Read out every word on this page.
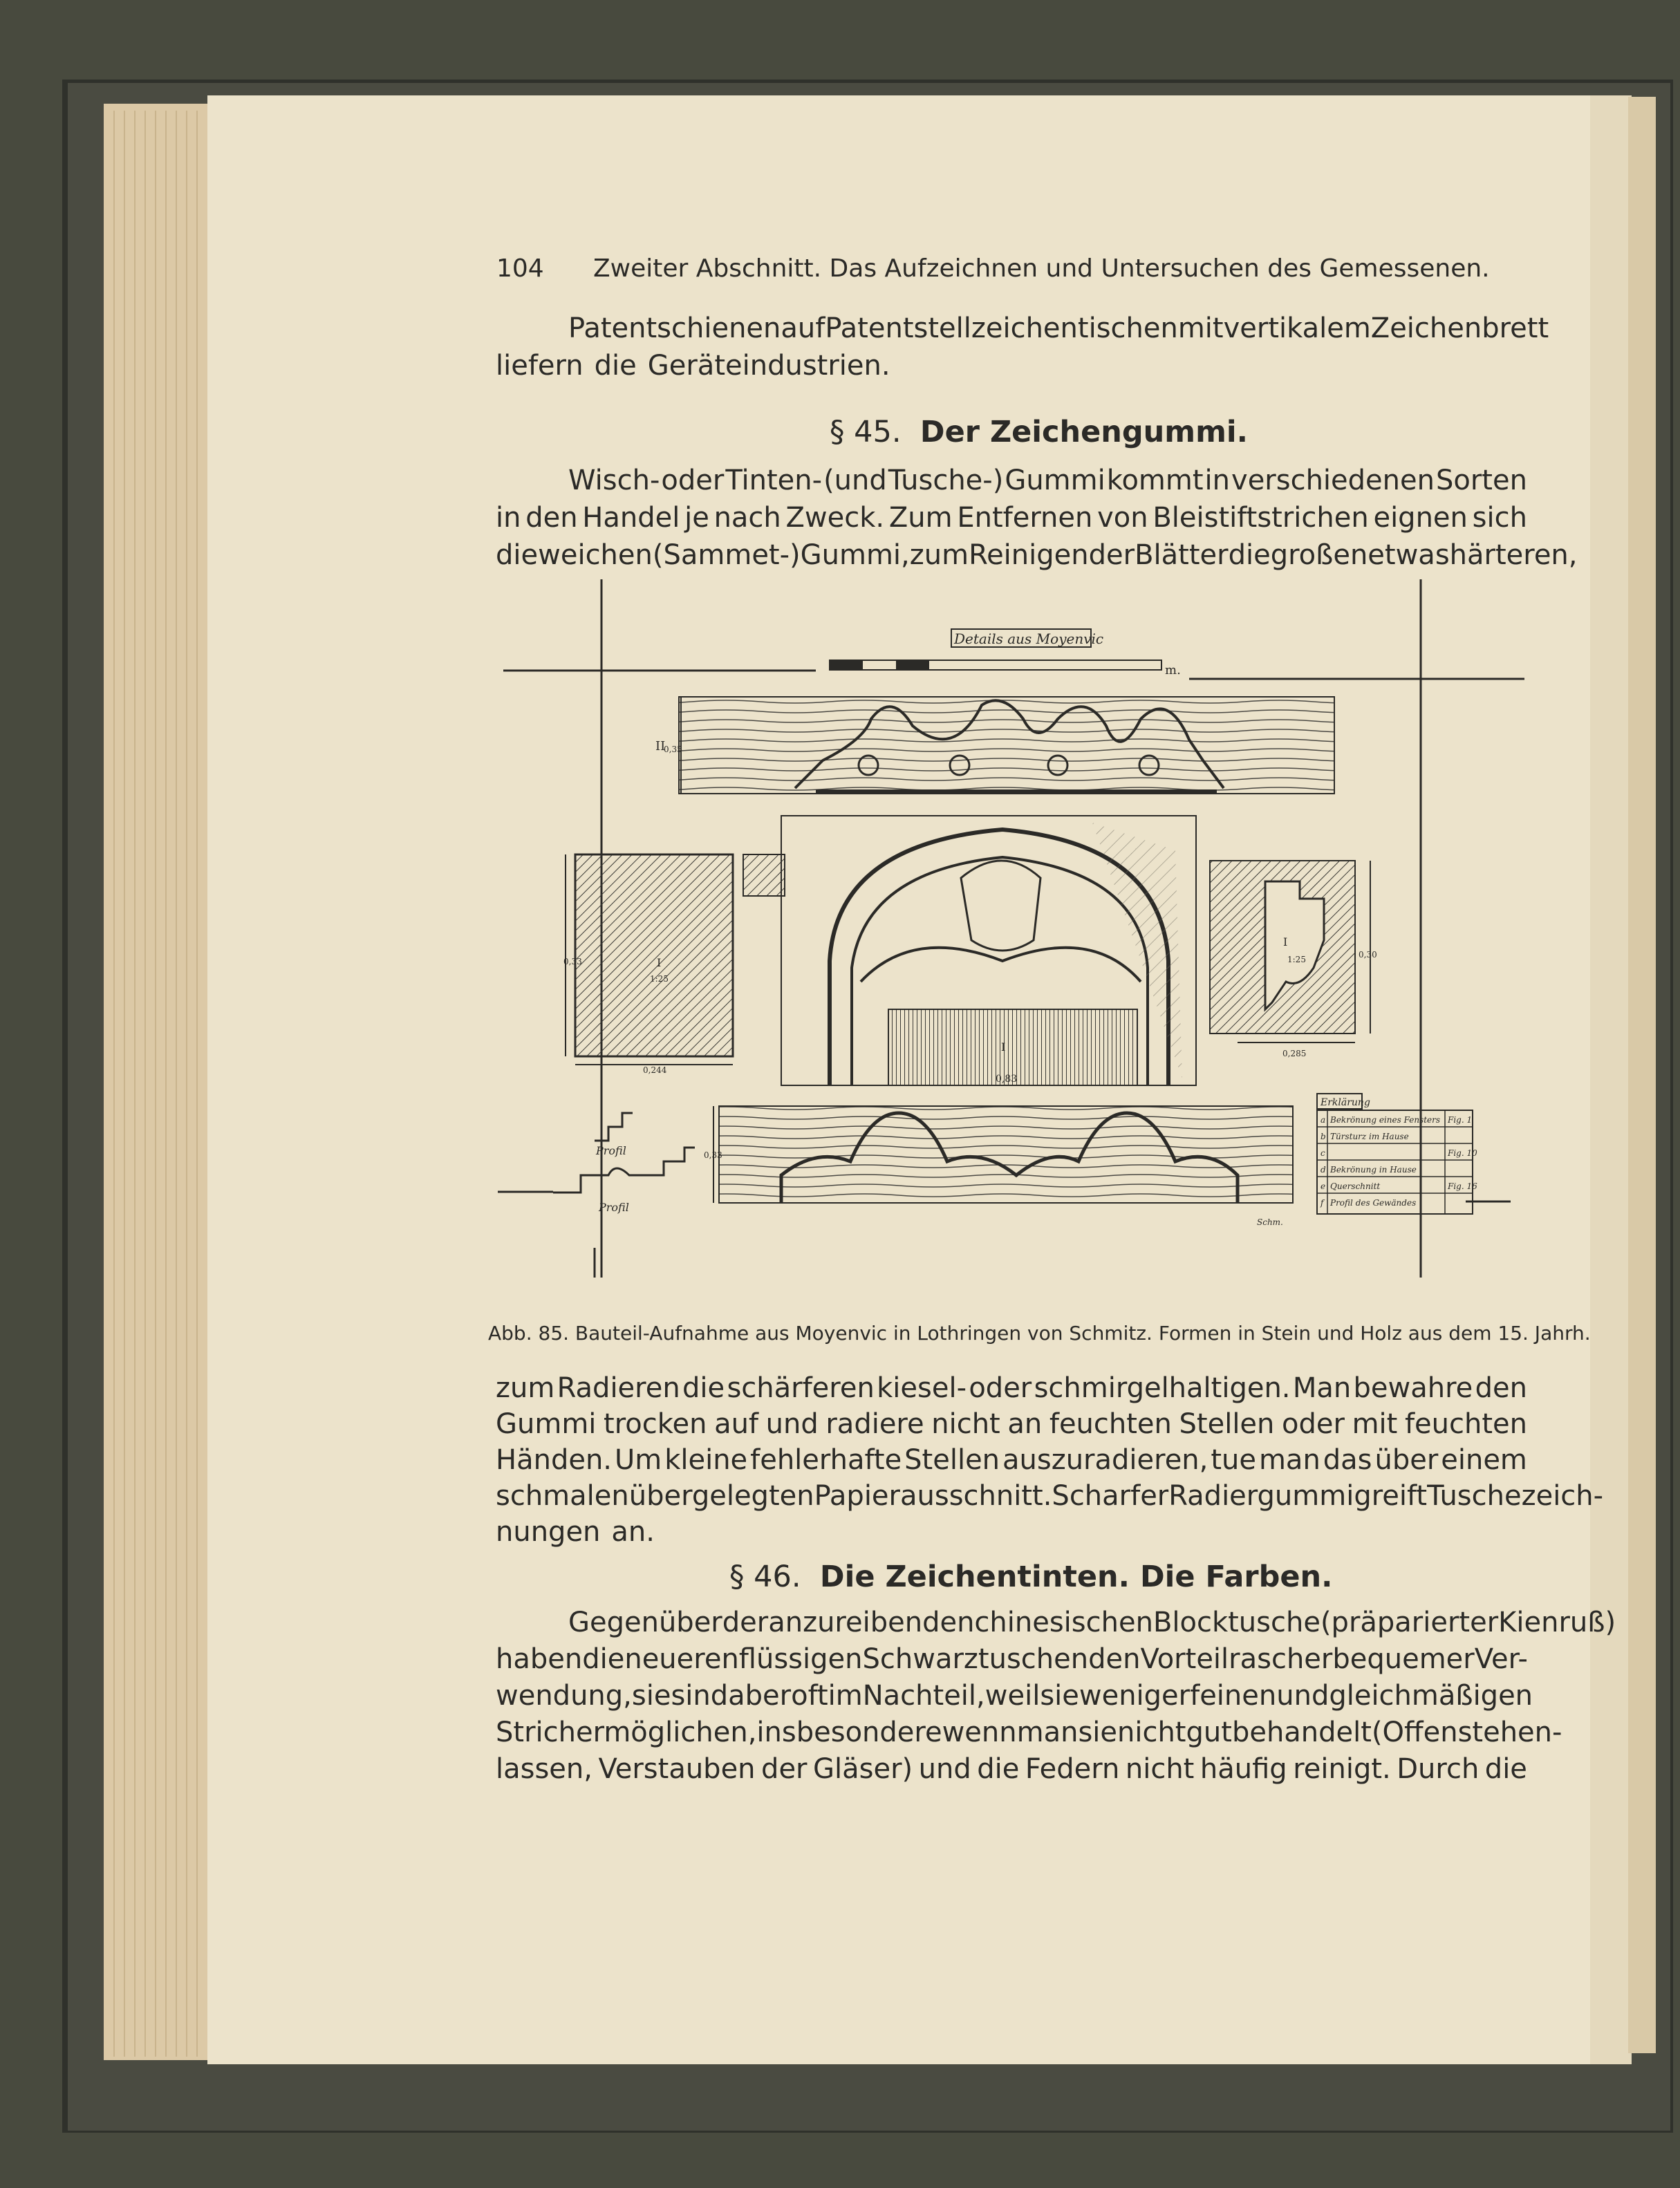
104 Zweiter Abschnitt. Das Aufzeichnen und Untersuchen des Gemessenen.
Patentschienen auf Patentstellzeichentischen mit vertikalem Zeichenbrett
liefern die Geräteindustrien.
§ 45. Der Zeichengummi.
Wisch- oder Tinten- (und Tusche-) Gummi kommt in verschiedenen Sorten
in den Handel je nach Zweck. Zum Entfernen von Bleistiftstrichen eignen sich
die weichen (Sammet-) Gummi, zum Reinigen der Blätter die großen etwas härteren,
Details aus Moyenvic
m.
II
0,35
I
1:25
0,33
0,244
I
0,83
I
1:25	0,30
0,285
0,33
Schm.
Profil
Profil
Erklärung
a Bekrönung eines Fensters Fig. 1
b Türsturz im Hause
c	Fig. 10
d Bekrönung in Hause
e Querschnitt	Fig. 16
f Profil des Gewändes
Abb. 85. Bauteil-Aufnahme aus Moyenvic in Lothringen von Schmitz. Formen in Stein und Holz aus dem 15. Jahrh.
zum Radieren die schärferen kiesel- oder schmirgelhaltigen. Man bewahre den
Gummi trocken auf und radiere nicht an feuchten Stellen oder mit feuchten
Händen. Um kleine fehlerhafte Stellen auszuradieren, tue man das über einem
schmalen übergelegten Papierausschnitt. Scharfer Radiergummi greift Tuschezeich-
nungen an.
§ 46. Die Zeichentinten. Die Farben.
Gegenüber der anzureibenden chinesischen Blocktusche (präparierter Kienruß)
haben die neueren flüssigen Schwarztuschen den Vorteil rascher bequemer Ver-
wendung, sie sind aber oft im Nachteil, weil sie weniger feinen und gleichmäßigen
Strich ermöglichen, insbesondere wenn man sie nicht gut behandelt (Offenstehen-
lassen, Verstauben der Gläser) und die Federn nicht häufig reinigt. Durch die
